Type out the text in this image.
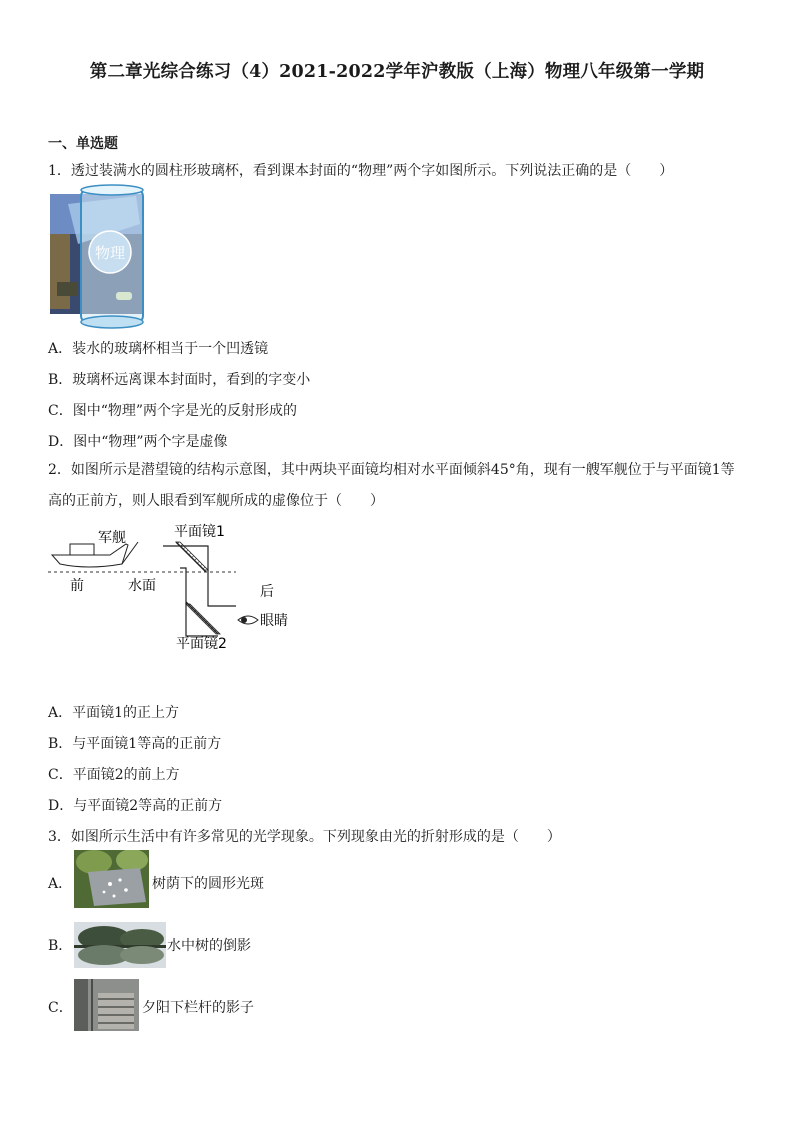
第二章光综合练习（4）2021-2022学年沪教版（上海）物理八年级第一学期
一、单选题
1．透过装满水的圆柱形玻璃杯，看到课本封面的“物理”两个字如图所示。下列说法正确的是（　　）
物理
A．装水的玻璃杯相当于一个凹透镜
B．玻璃杯远离课本封面时，看到的字变小
C．图中“物理”两个字是光的反射形成的
D．图中“物理”两个字是虚像
2．如图所示是潜望镜的结构示意图，其中两块平面镜均相对水平面倾斜45°角，现有一艘军舰位于与平面镜1等高的正前方，则人眼看到军舰所成的虚像位于（　　）
军舰
前	水面
平面镜1
后
眼睛
平面镜2
A．平面镜1的正上方
B．与平面镜1等高的正前方
C．平面镜2的前上方
D．与平面镜2等高的正前方
3．如图所示生活中有许多常见的光学现象。下列现象由光的折射形成的是（　　）
A．	树荫下的圆形光斑
B．	水中树的倒影
C．	夕阳下栏杆的影子
